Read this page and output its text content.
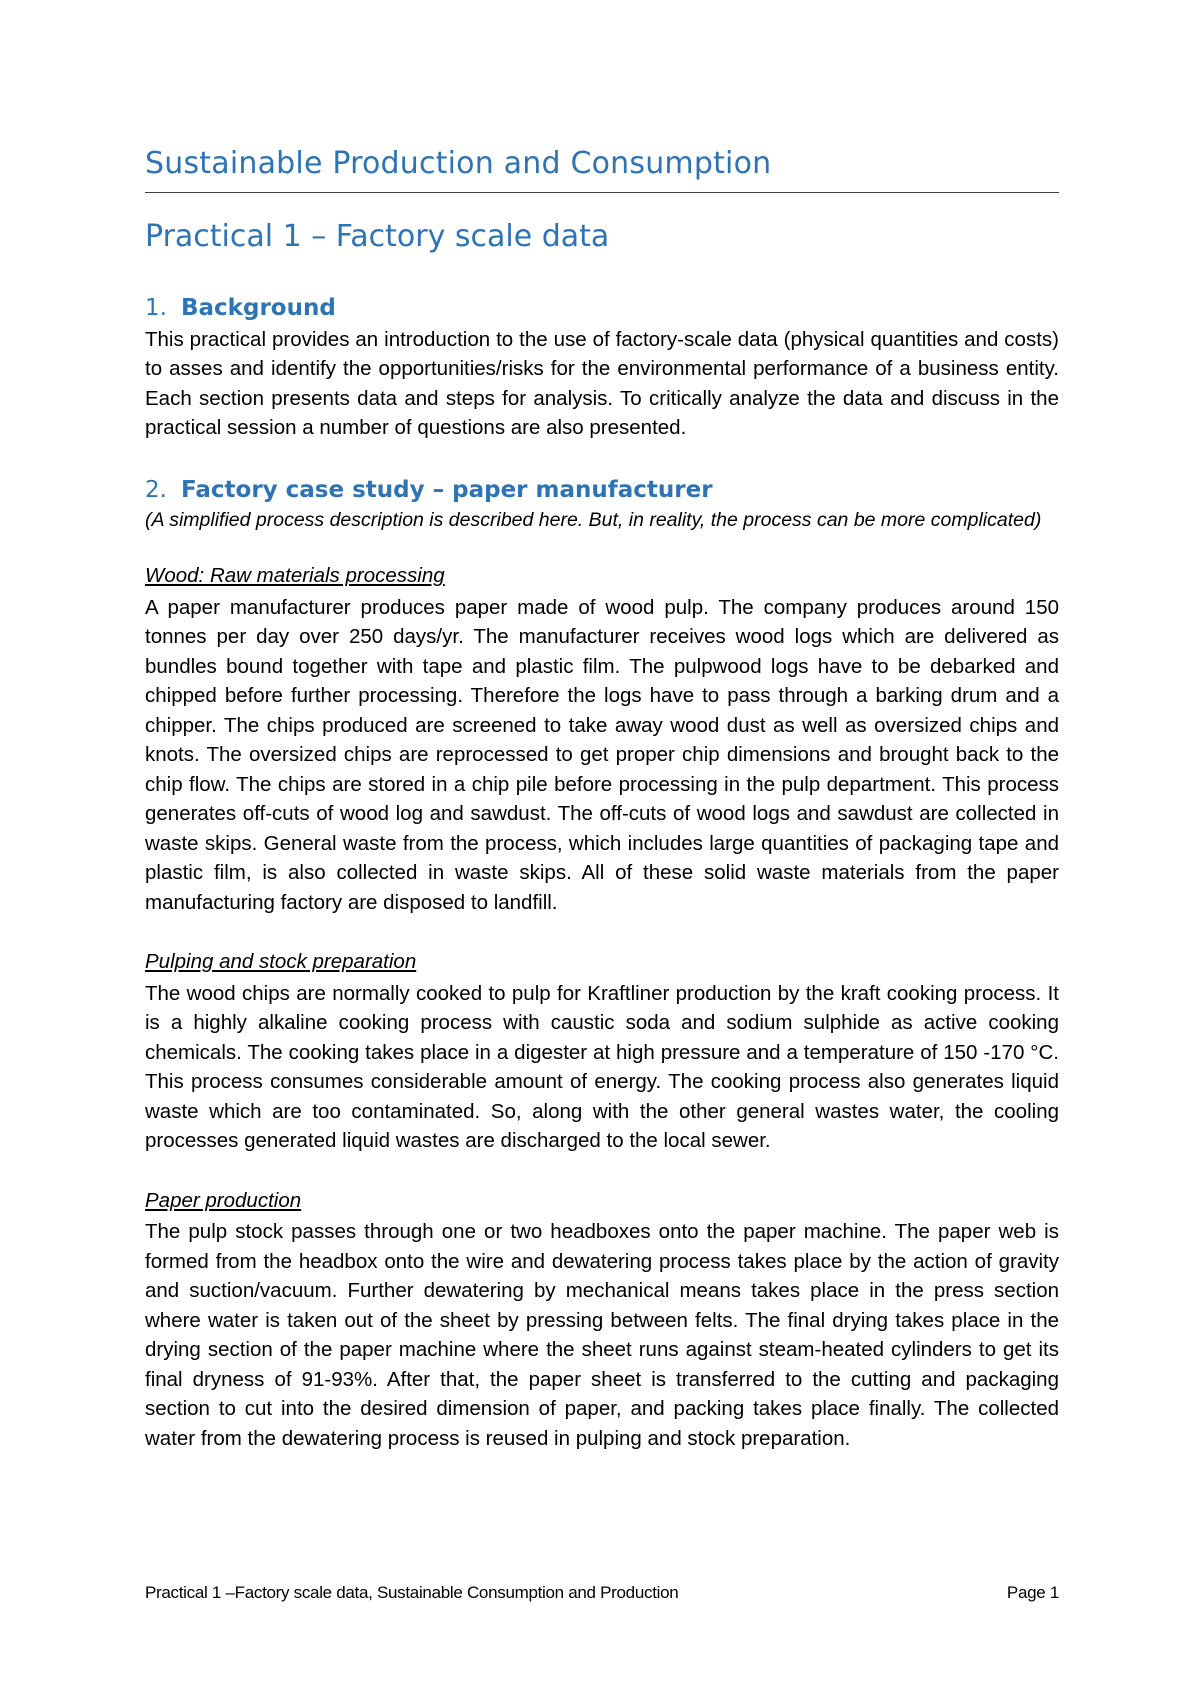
Sustainable Production and Consumption
Practical 1 – Factory scale data
1. Background

This practical provides an introduction to the use of factory-scale data (physical quantities and costs) to asses and identify the opportunities/risks for the environmental performance of a business entity. Each section presents data and steps for analysis. To critically analyze the data and discuss in the practical session a number of questions are also presented.

2. Factory case study – paper manufacturer
(A simplified process description is described here. But, in reality, the process can be more complicated)
Wood: Raw materials processing

A paper manufacturer produces paper made of wood pulp. The company produces around 150 tonnes per day over 250 days/yr. The manufacturer receives wood logs which are delivered as bundles bound together with tape and plastic film. The pulpwood logs have to be debarked and chipped before further processing. Therefore the logs have to pass through a barking drum and a chipper. The chips produced are screened to take away wood dust as well as oversized chips and knots. The oversized chips are reprocessed to get proper chip dimensions and brought back to the chip flow. The chips are stored in a chip pile before processing in the pulp department. This process generates off-cuts of wood log and sawdust. The off-cuts of wood logs and sawdust are collected in waste skips. General waste from the process, which includes large quantities of packaging tape and plastic film, is also collected in waste skips. All of these solid waste materials from the paper manufacturing factory are disposed to landfill.

Pulping and stock preparation

The wood chips are normally cooked to pulp for Kraftliner production by the kraft cooking process. It is a highly alkaline cooking process with caustic soda and sodium sulphide as active cooking chemicals. The cooking takes place in a digester at high pressure and a temperature of 150 -170 °C. This process consumes considerable amount of energy. The cooking process also generates liquid waste which are too contaminated. So, along with the other general wastes water, the cooling processes generated liquid wastes are discharged to the local sewer.

Paper production

The pulp stock passes through one or two headboxes onto the paper machine. The paper web is formed from the headbox onto the wire and dewatering process takes place by the action of gravity and suction/vacuum. Further dewatering by mechanical means takes place in the press section where water is taken out of the sheet by pressing between felts. The final drying takes place in the drying section of the paper machine where the sheet runs against steam-heated cylinders to get its final dryness of 91-93%. After that, the paper sheet is transferred to the cutting and packaging section to cut into the desired dimension of paper, and packing takes place finally. The collected water from the dewatering process is reused in pulping and stock preparation.

Practical 1 –Factory scale data, Sustainable Consumption and Production	Page 1
